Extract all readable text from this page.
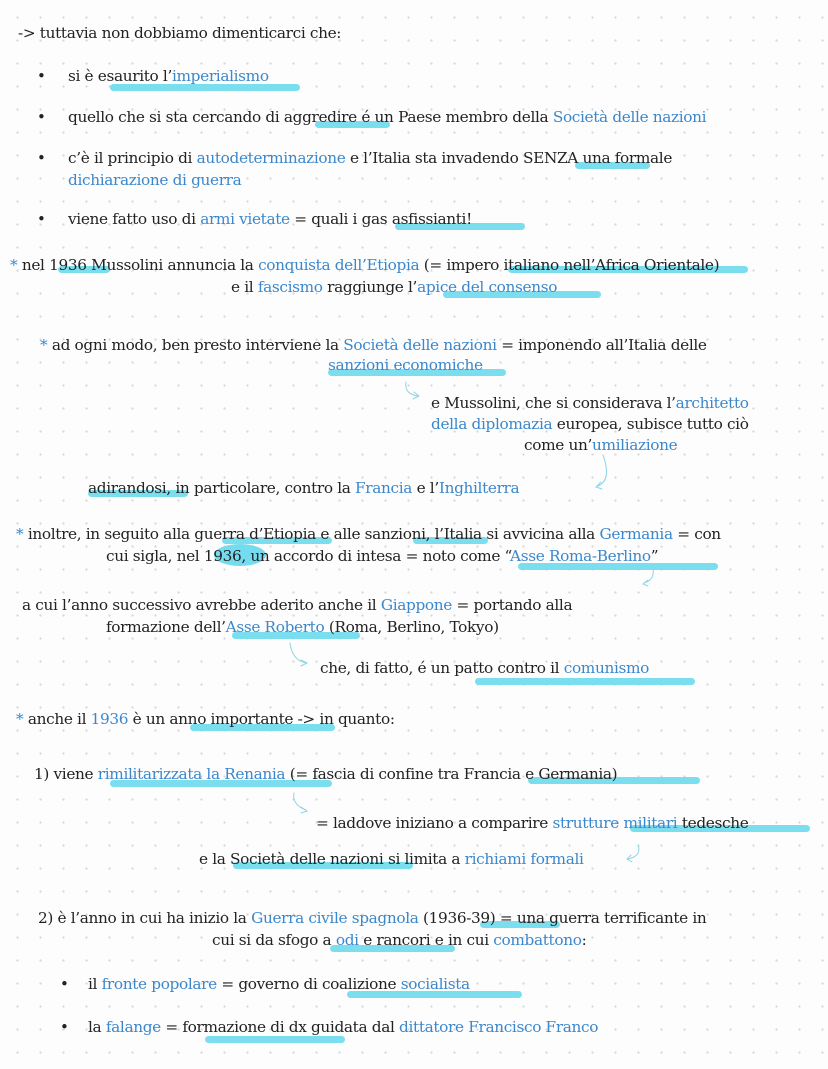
-> tuttavia non dobbiamo dimenticarci che:
• si è esaurito l’imperialismo
• quello che si sta cercando di aggredire é un Paese membro della Società delle nazioni
• c’è il principio di autodeterminazione e l’Italia sta invadendo SENZA una formale
dichiarazione di guerra
• viene fatto uso di armi vietate = quali i gas asfissianti!
* nel 1936 Mussolini annuncia la conquista dell’Etiopia (= impero italiano nell’Africa Orientale)
e il fascismo raggiunge l’apice del consenso
* ad ogni modo, ben presto interviene la Società delle nazioni = imponendo all’Italia delle
sanzioni economiche
e Mussolini, che si considerava l’architetto
della diplomazia europea, subisce tutto ciò
come un’umiliazione
adirandosi, in particolare, contro la Francia e l’Inghilterra
* inoltre, in seguito alla guerra d’Etiopia e alle sanzioni, l’Italia si avvicina alla Germania = con
cui sigla, nel 1936, un accordo di intesa = noto come “Asse Roma-Berlino”
a cui l’anno successivo avrebbe aderito anche il Giappone = portando alla
formazione dell’Asse Roberto (Roma, Berlino, Tokyo)
che, di fatto, é un patto contro il comunismo
* anche il 1936 è un anno importante -> in quanto:
1) viene rimilitarizzata la Renania (= fascia di confine tra Francia e Germania)
= laddove iniziano a comparire strutture militari tedesche
e la Società delle nazioni si limita a richiami formali
2) è l’anno in cui ha inizio la Guerra civile spagnola (1936-39) = una guerra terrificante in
cui si da sfogo a odi e rancori e in cui combattono:
• il fronte popolare = governo di coalizione socialista
• la falange = formazione di dx guidata dal dittatore Francisco Franco
